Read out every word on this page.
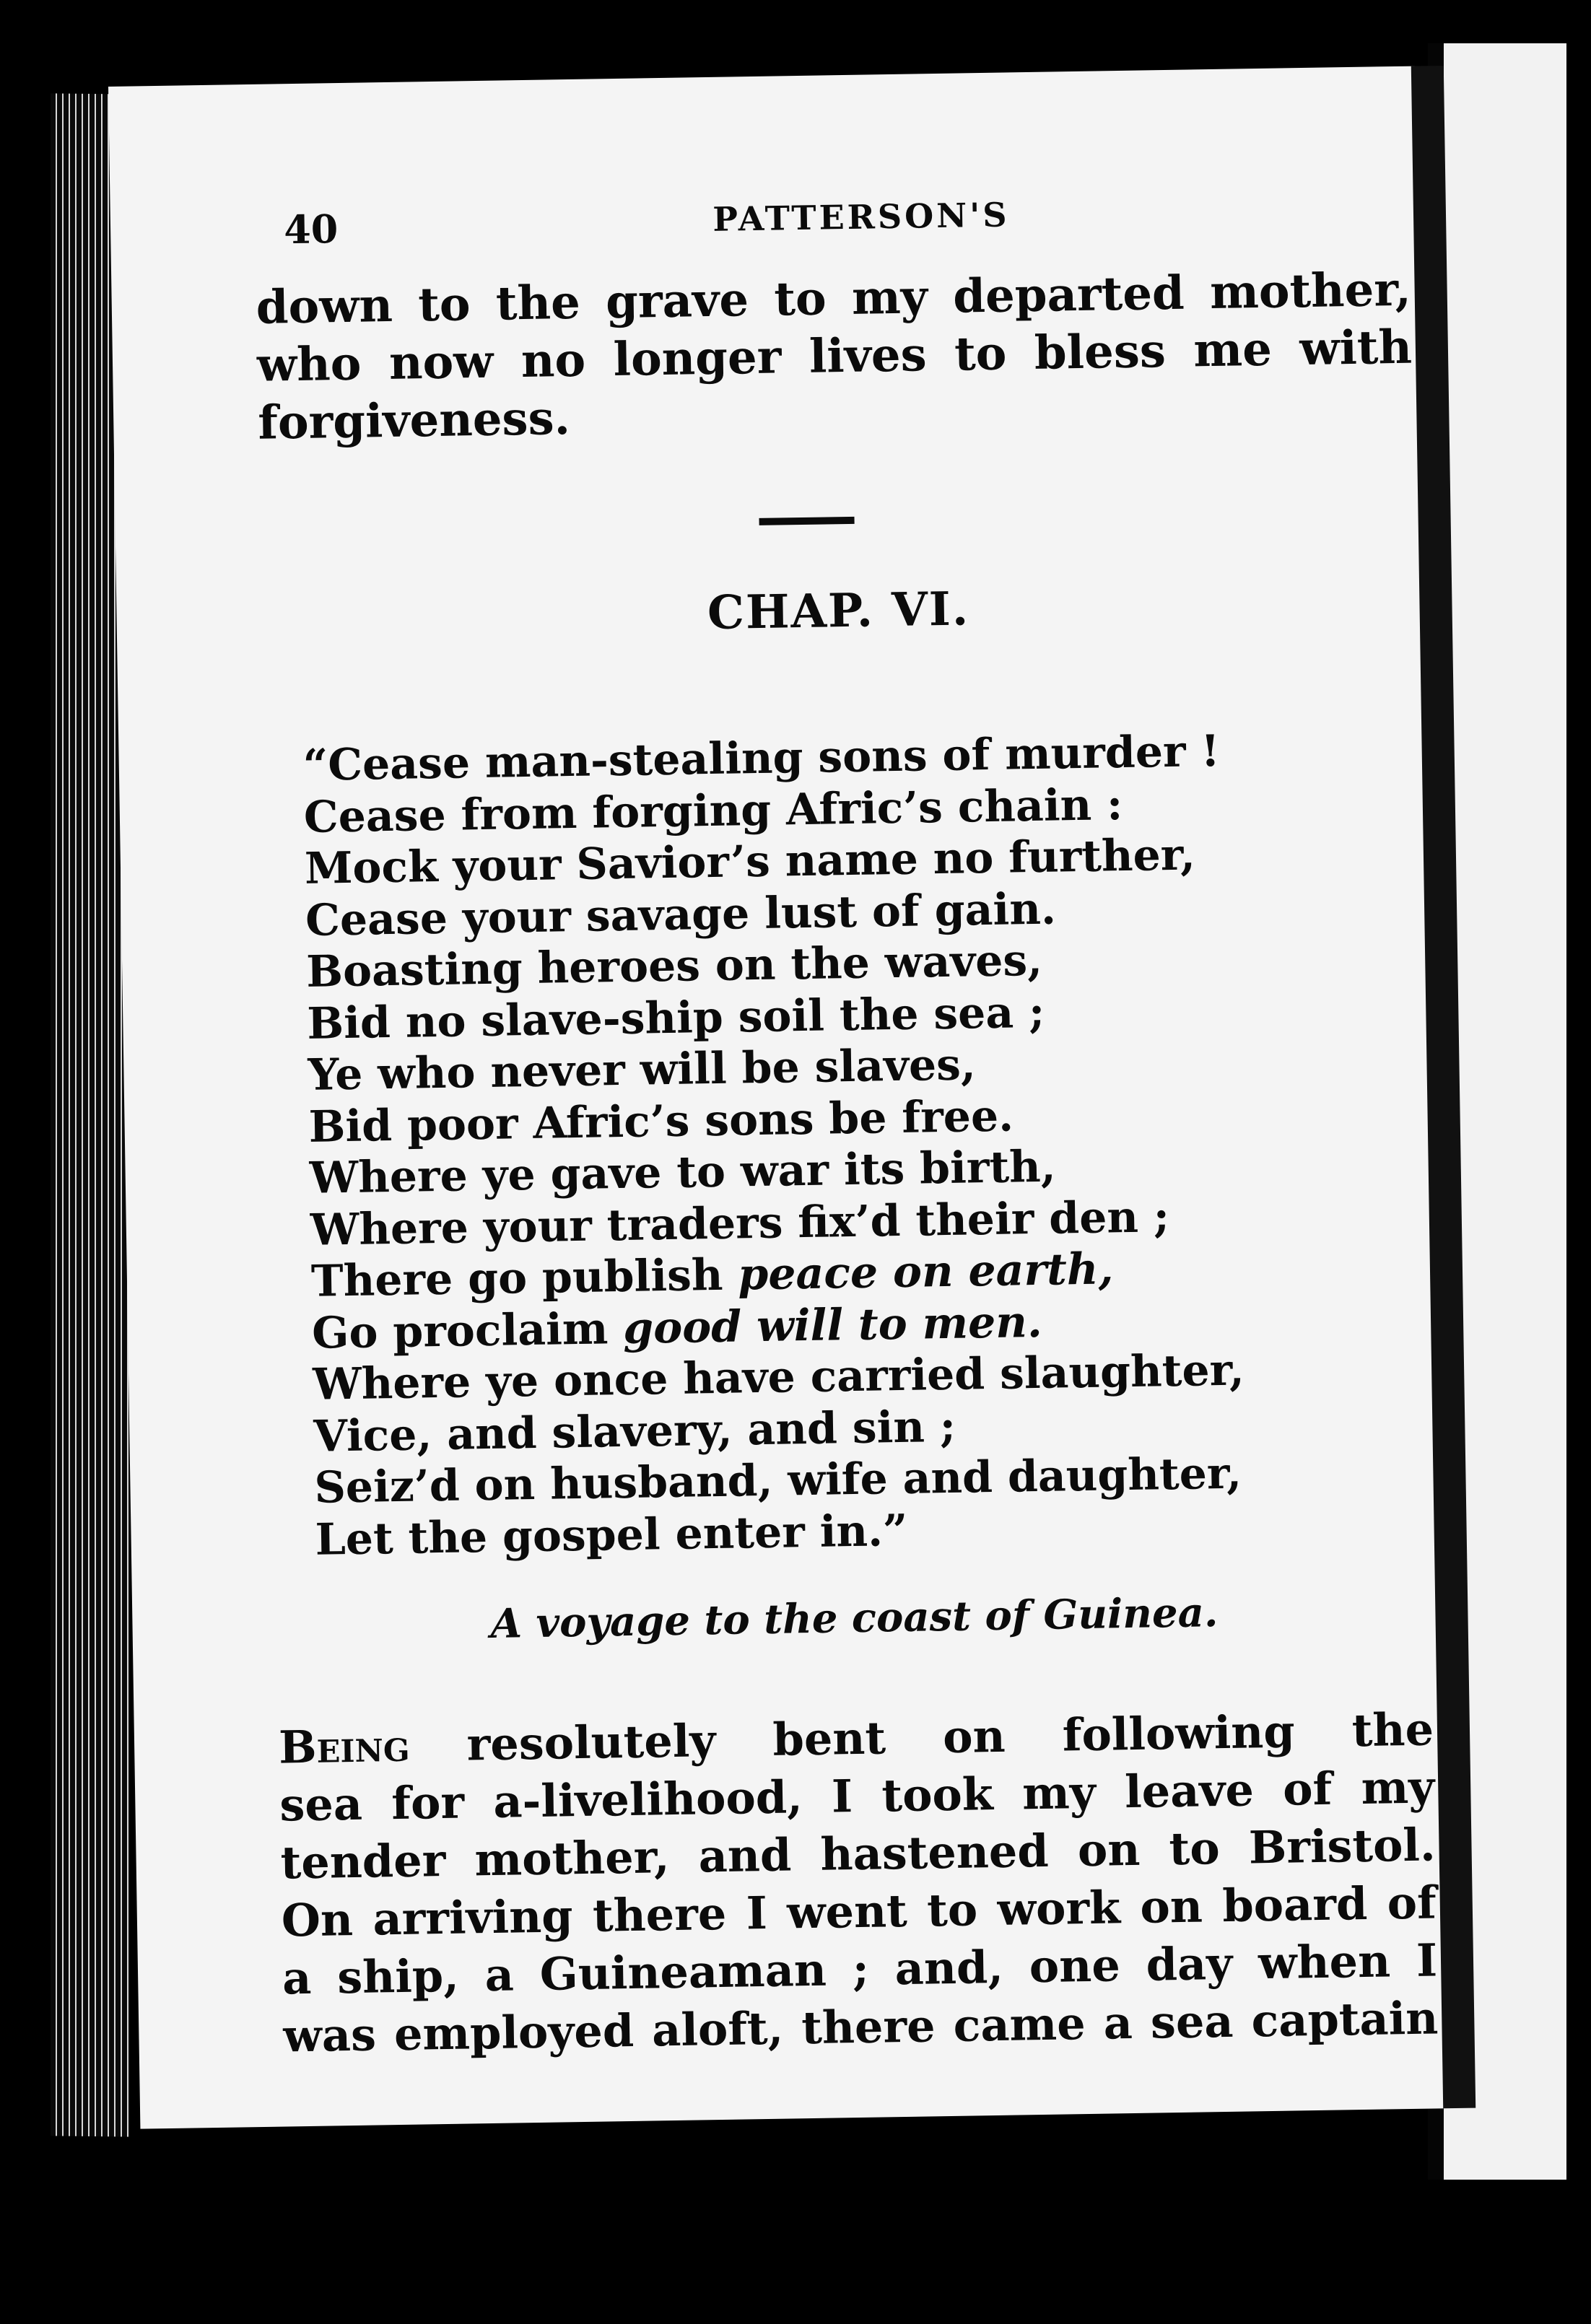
40	PATTERSON'S
down to the grave to my departed mother,
who now no longer lives to bless me with
forgiveness.
CHAP. VI.
“Cease man-stealing sons of murder !
Cease from forging Afric’s chain :
Mock your Savior’s name no further,
Cease your savage lust of gain.
Boasting heroes on the waves,
Bid no slave-ship soil the sea ;
Ye who never will be slaves,
Bid poor Afric’s sons be free.
Where ye gave to war its birth,
Where your traders fix’d their den ;
There go publish peace on earth,
Go proclaim good will to men.
Where ye once have carried slaughter,
Vice, and slavery, and sin ;
Seiz’d on husband, wife and daughter,
Let the gospel enter in.”
A voyage to the coast of Guinea.
Being resolutely bent on following the
sea for a-livelihood, I took my leave of my
tender mother, and hastened on to Bristol.
On arriving there I went to work on board of
a ship, a Guineaman ; and, one day when I
was employed aloft, there came a sea captain
